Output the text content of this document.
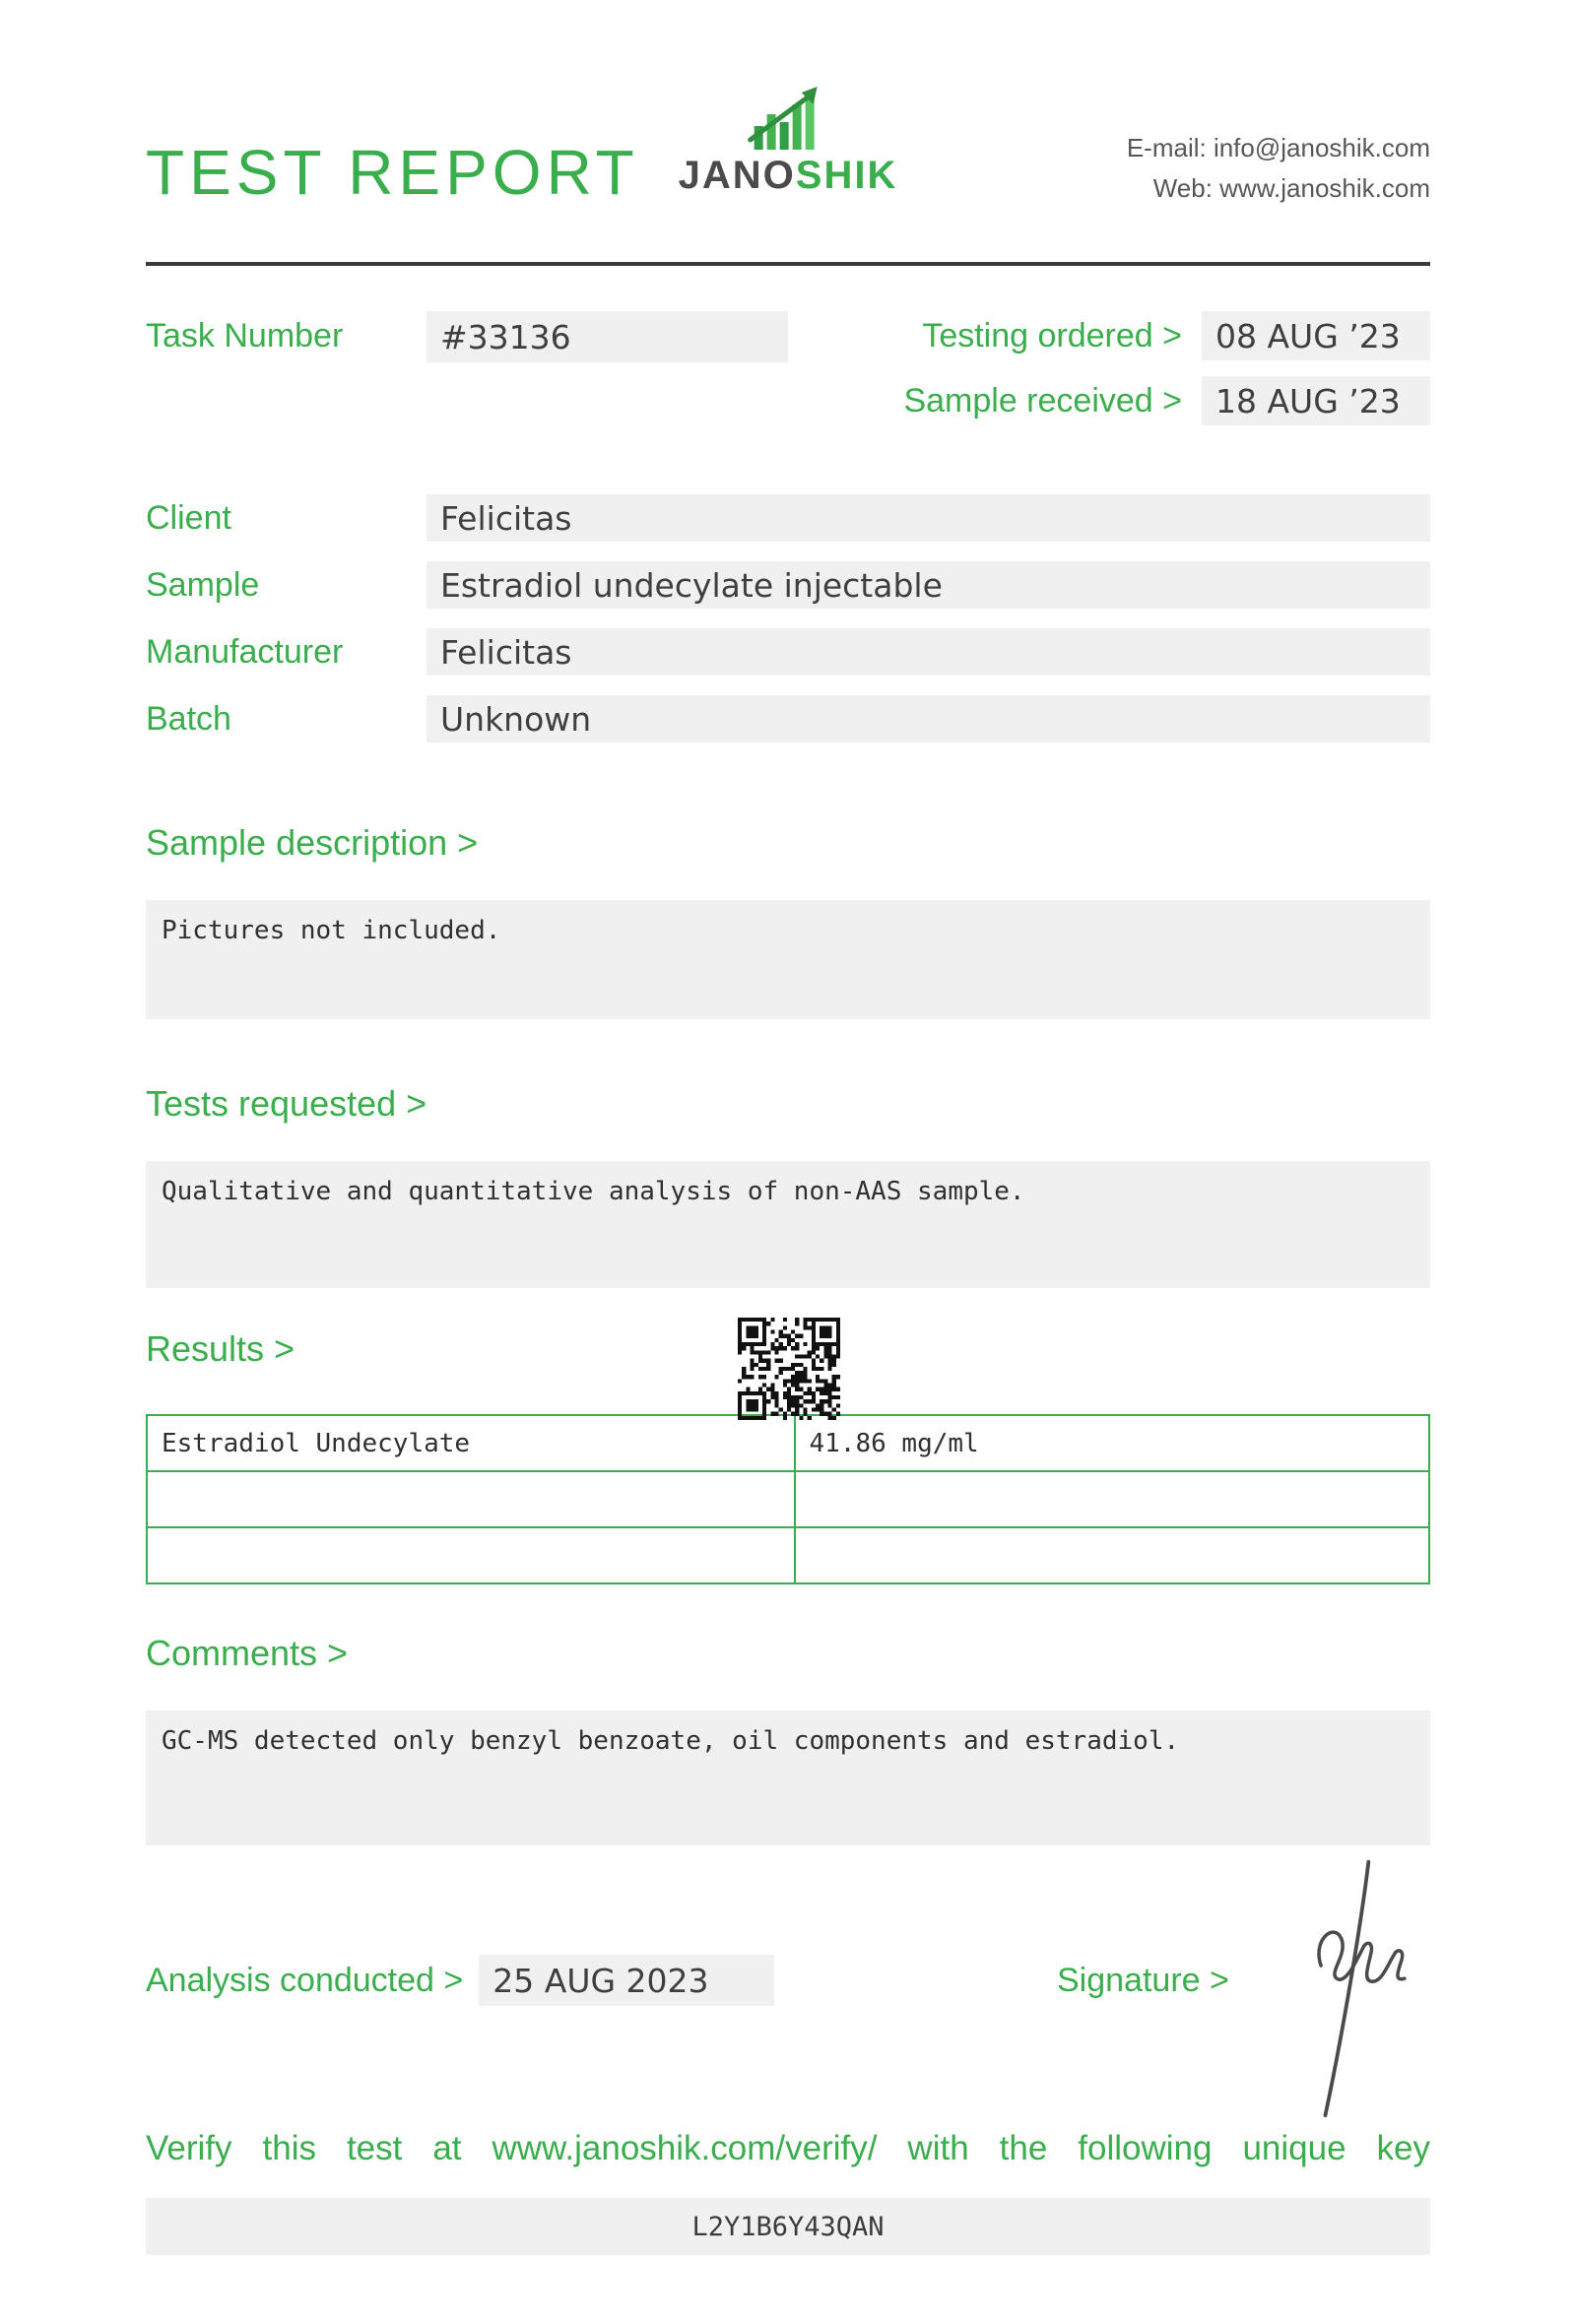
TEST REPORT JANOSHIK
E-mail: info@janoshik.com
Web: www.janoshik.com
Task Number	#33136	Testing ordered >	08 AUG ’23
Sample received >	18 AUG ’23
Client	Felicitas
Sample	Estradiol undecylate injectable
Manufacturer	Felicitas
Batch	Unknown
Sample description >
Pictures not included.
Tests requested >
Qualitative and quantitative analysis of non-AAS sample.
Results >
Estradiol Undecylate	41.86 mg/ml

Comments >
GC-MS detected only benzyl benzoate, oil components and estradiol.
Analysis conducted > 25 AUG 2023	Signature >
Verify this test at www.janoshik.com/verify/ with the following unique key
L2Y1B6Y43QAN
